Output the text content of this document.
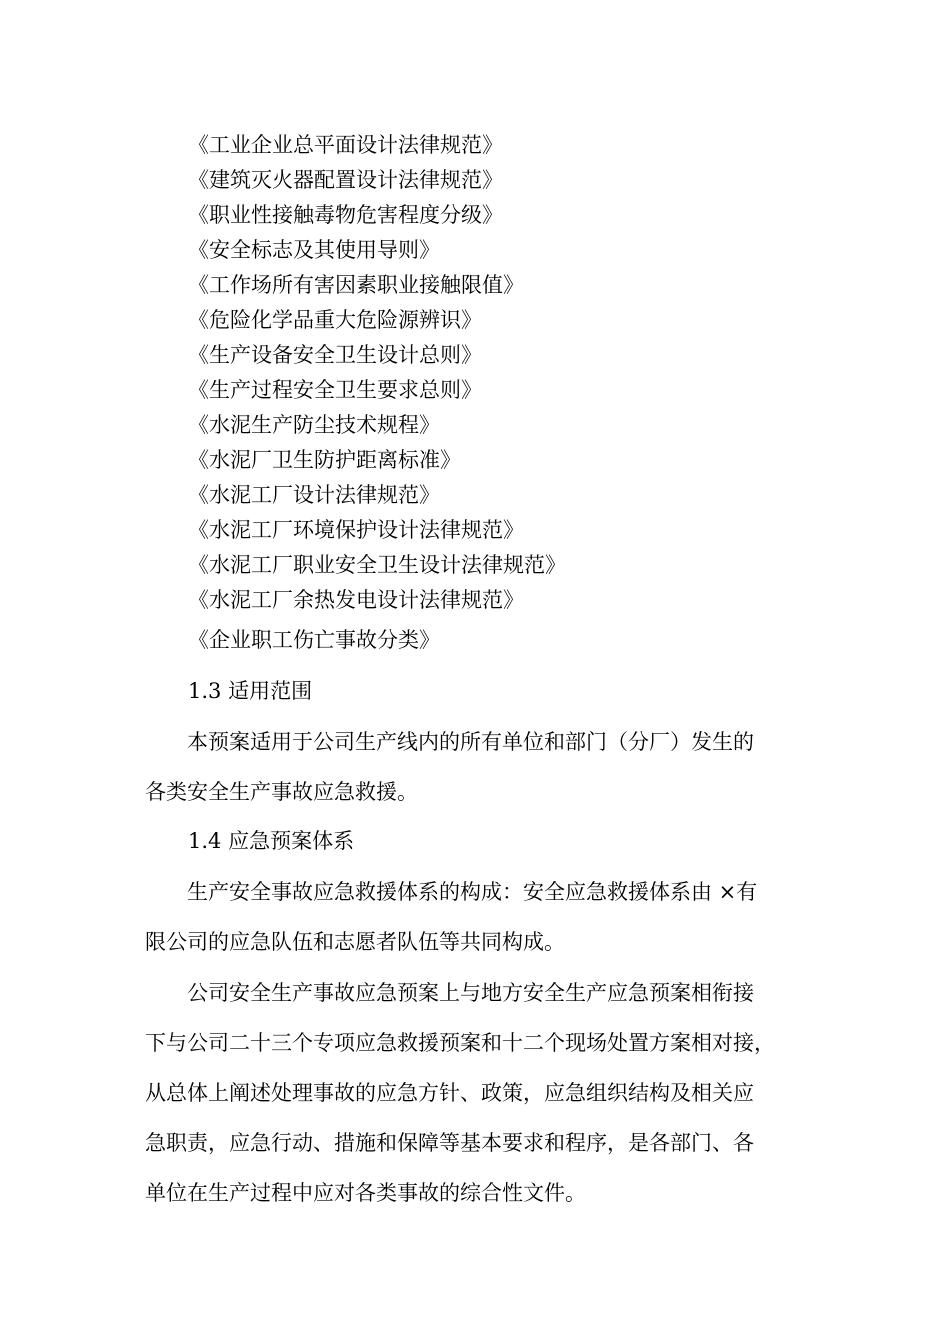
《工业企业总平面设计法律规范》
《建筑灭火器配置设计法律规范》
《职业性接触毒物危害程度分级》
《安全标志及其使用导则》
《工作场所有害因素职业接触限值》
《危险化学品重大危险源辨识》
《生产设备安全卫生设计总则》
《生产过程安全卫生要求总则》
《水泥生产防尘技术规程》
《水泥厂卫生防护距离标准》
《水泥工厂设计法律规范》
《水泥工厂环境保护设计法律规范》
《水泥工厂职业安全卫生设计法律规范》
《水泥工厂余热发电设计法律规范》
《企业职工伤亡事故分类》
1.3 适用范围

本预案适用于公司生产线内的所有单位和部门（分厂）发生的
各类安全生产事故应急救援。

1.4 应急预案体系

生产安全事故应急救援体系的构成：安全应急救援体系由 ×有
限公司的应急队伍和志愿者队伍等共同构成。

公司安全生产事故应急预案上与地方安全生产应急预案相衔接
下与公司二十三个专项应急救援预案和十二个现场处置方案相对接，
从总体上阐述处理事故的应急方针、政策，应急组织结构及相关应
急职责，应急行动、措施和保障等基本要求和程序，是各部门、各
单位在生产过程中应对各类事故的综合性文件。
